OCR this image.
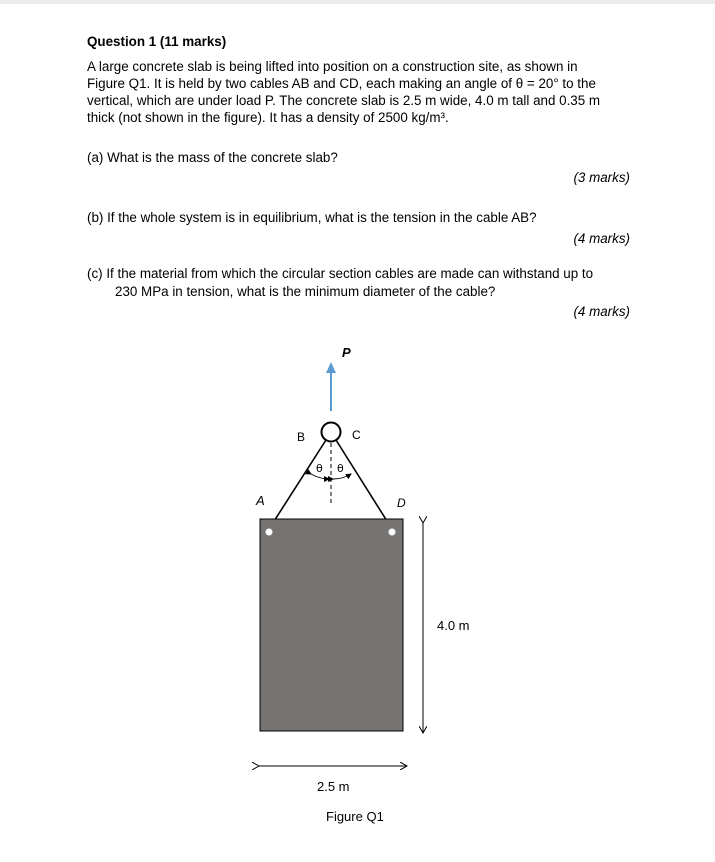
Question 1 (11 marks)
A large concrete slab is being lifted into position on a construction site, as shown in
Figure Q1. It is held by two cables AB and CD, each making an angle of θ = 20° to the
vertical, which are under load P. The concrete slab is 2.5 m wide, 4.0 m tall and 0.35 m
thick (not shown in the figure). It has a density of 2500 kg/m³.
(a) What is the mass of the concrete slab?
(3 marks)
(b) If the whole system is in equilibrium, what is the tension in the cable AB?
(4 marks)
(c) If the material from which the circular section cables are made can withstand up to
230 MPa in tension, what is the minimum diameter of the cable?
(4 marks)
P
B	C
A	D
θ θ
4.0 m
2.5 m
Figure Q1
